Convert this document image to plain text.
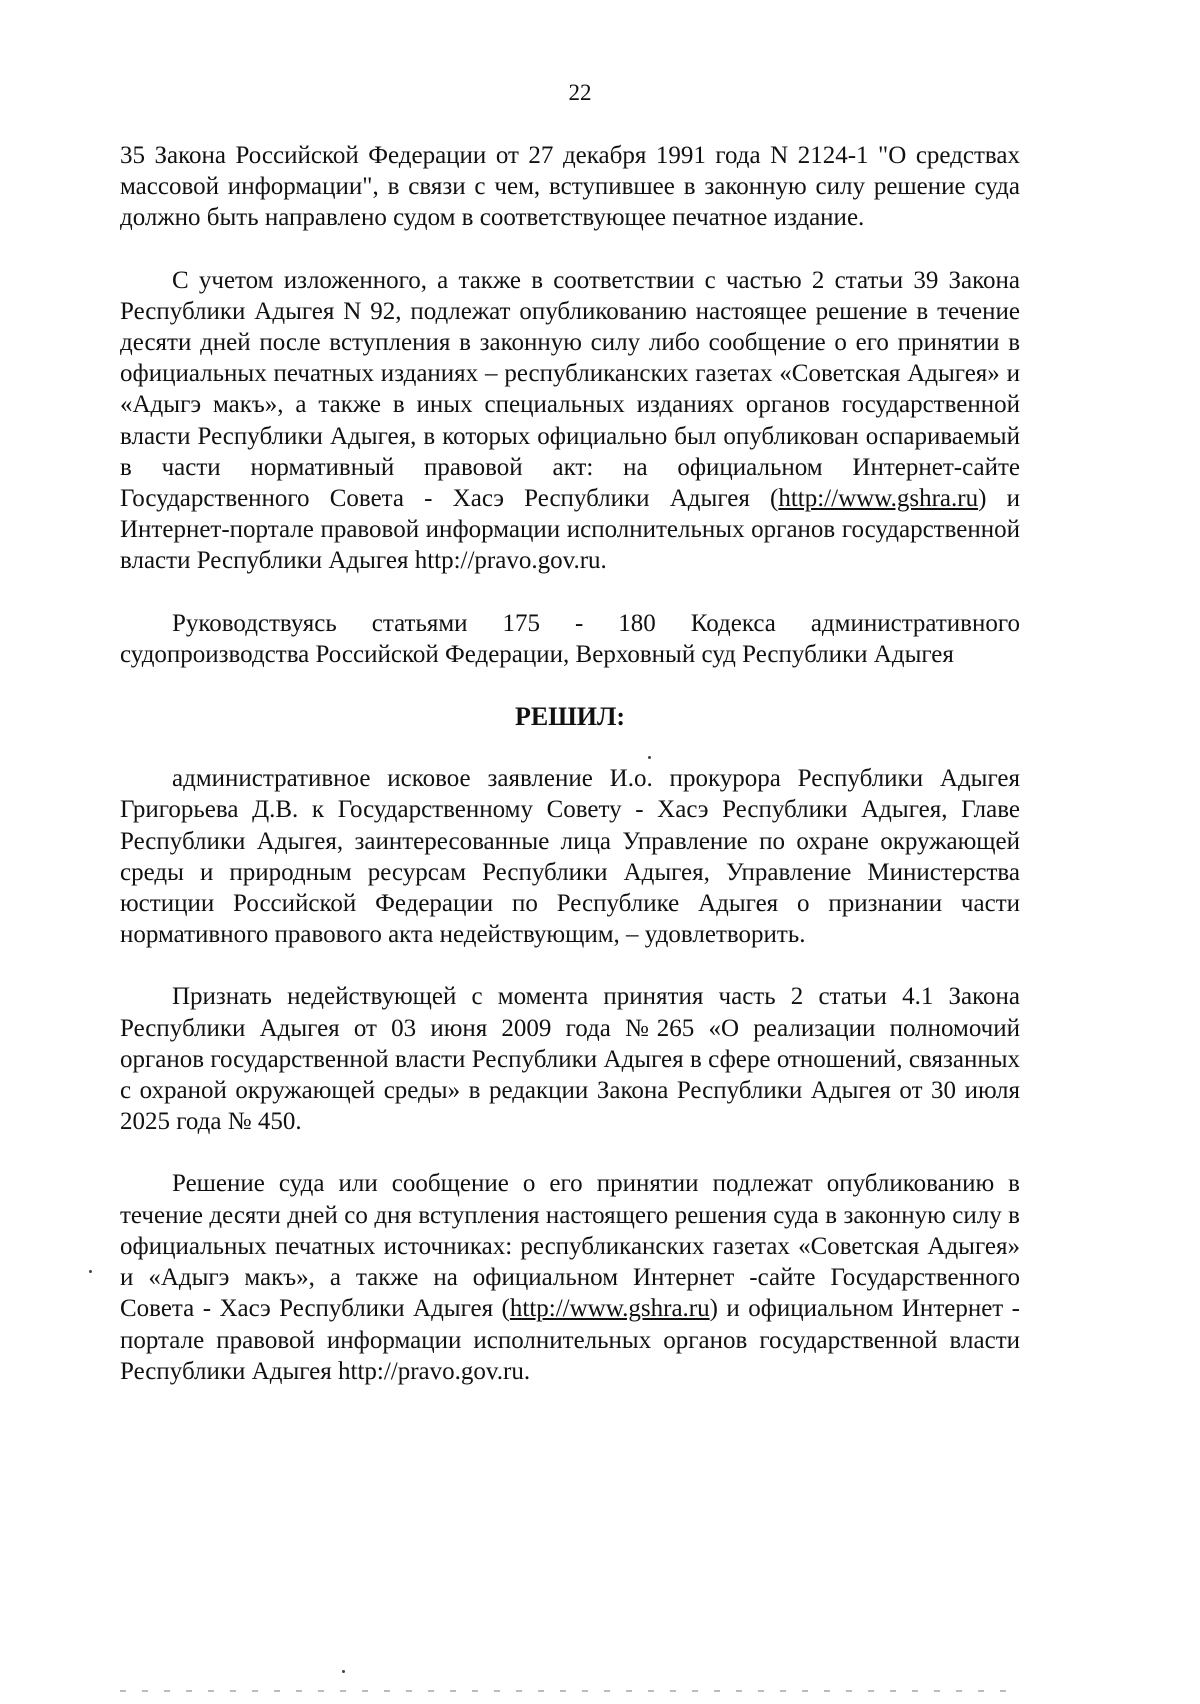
22

35 Закона Российской Федерации от 27 декабря 1991 года N 2124-1 "О средствах массовой информации", в связи с чем, вступившее в законную силу решение суда должно быть направлено судом в соответствующее печатное издание.

С учетом изложенного, а также в соответствии с частью 2 статьи 39 Закона Республики Адыгея N 92, подлежат опубликованию настоящее решение в течение десяти дней после вступления в законную силу либо сообщение о его принятии в официальных печатных изданиях – республиканских газетах «Советская Адыгея» и «Адыгэ макъ», а также в иных специальных изданиях органов государственной власти Республики Адыгея, в которых официально был опубликован оспариваемый в части нормативный правовой акт: на официальном Интернет-сайте Государственного Совета - Хасэ Республики Адыгея (http://www.gshra.ru) и Интернет-портале правовой информации исполнительных органов государственной власти Республики Адыгея http://pravo.gov.ru.

Руководствуясь статьями 175 - 180 Кодекса административного судопроизводства Российской Федерации, Верховный суд Республики Адыгея

РЕШИЛ:

административное исковое заявление И.о. прокурора Республики Адыгея Григорьева Д.В. к Государственному Совету - Хасэ Республики Адыгея, Главе Республики Адыгея, заинтересованные лица Управление по охране окружающей среды и природным ресурсам Республики Адыгея, Управление Министерства юстиции Российской Федерации по Республике Адыгея о признании части нормативного правового акта недействующим, – удовлетворить.

Признать недействующей с момента принятия часть 2 статьи 4.1 Закона Республики Адыгея от 03 июня 2009 года №265 «О реализации полномочий органов государственной власти Республики Адыгея в сфере отношений, связанных с охраной окружающей среды» в редакции Закона Республики Адыгея от 30 июля 2025 года № 450.

Решение суда или сообщение о его принятии подлежат опубликованию в течение десяти дней со дня вступления настоящего решения суда в законную силу в официальных печатных источниках: республиканских газетах «Советская Адыгея» и «Адыгэ макъ», а также на официальном Интернет -сайте Государственного Совета - Хасэ Республики Адыгея (http://www.gshra.ru) и официальном Интернет - портале правовой информации исполнительных органов государственной власти Республики Адыгея http://pravo.gov.ru.
